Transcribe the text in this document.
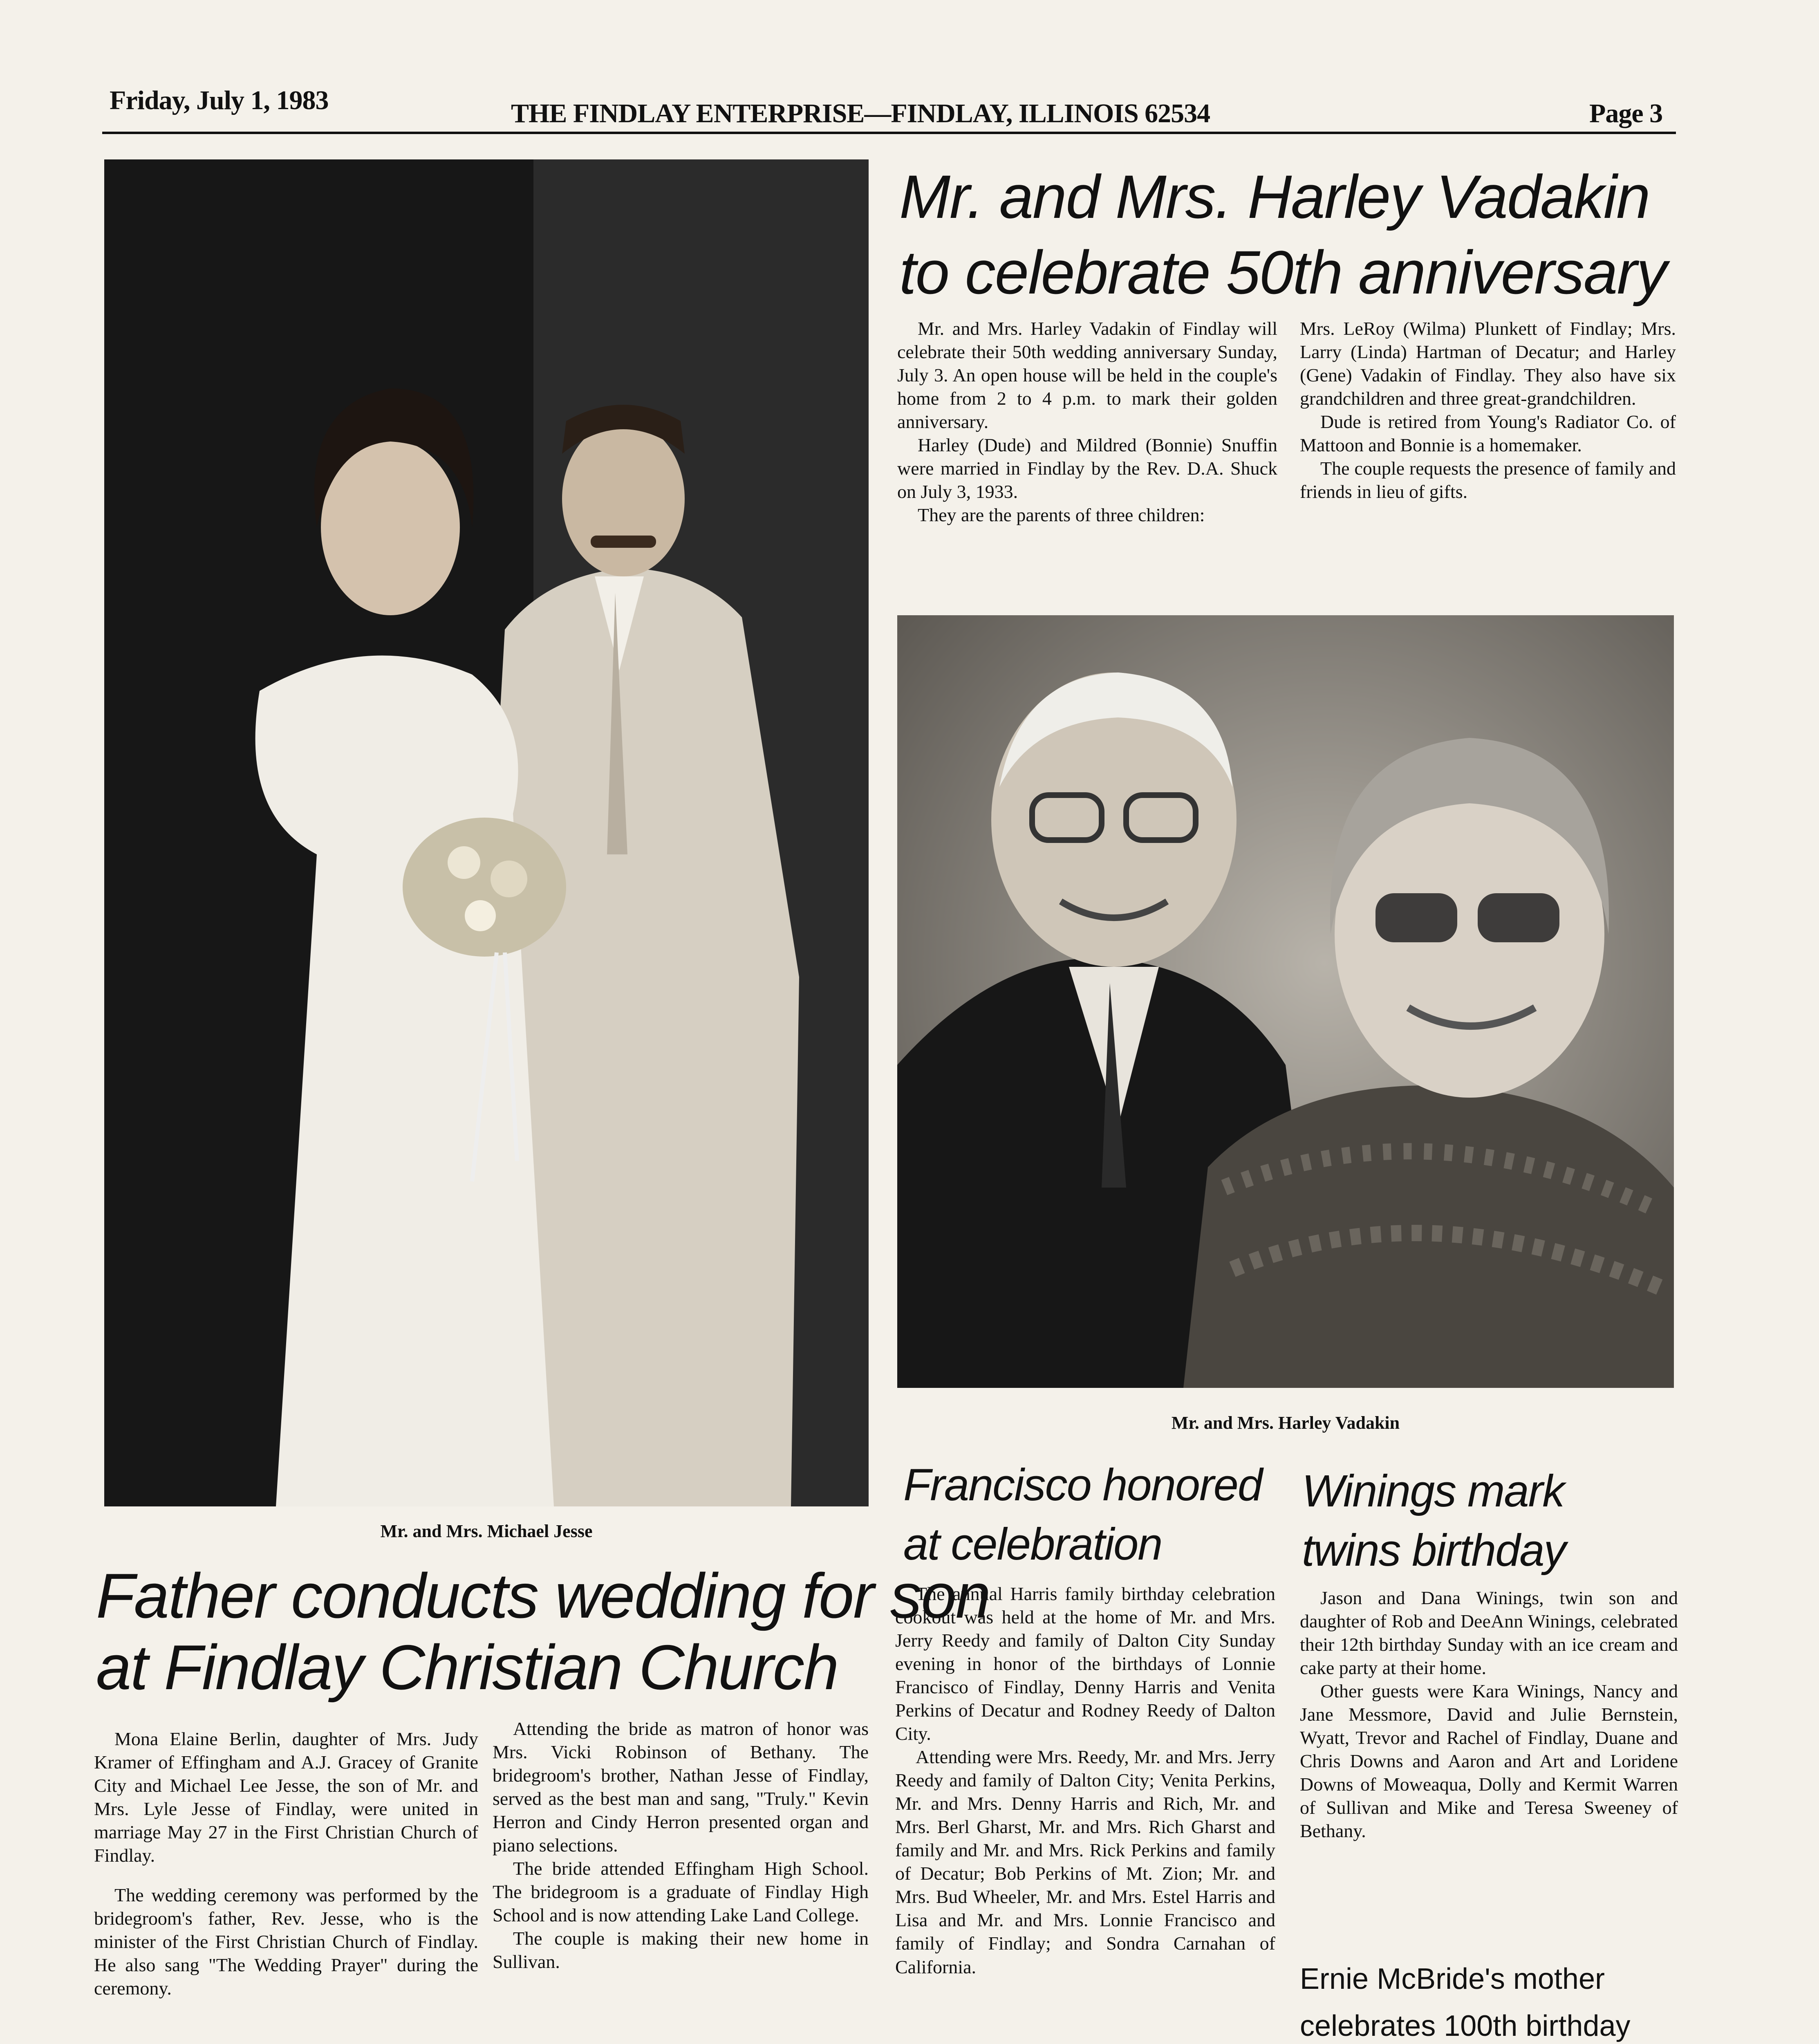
Friday, July 1, 1983	THE FINDLAY ENTERPRISE—FINDLAY, ILLINOIS 62534	Page 3
Mr. and Mrs. Michael Jesse
Father conducts wedding for son
at Findlay Christian Church

Mona Elaine Berlin, daughter of Mrs. Judy Kramer of Effingham and A.J. Gracey of Granite City and Michael Lee Jesse, the son of Mr. and Mrs. Lyle Jesse of Findlay, were united in marriage May 27 in the First Christian Church of Findlay.

The wedding ceremony was performed by the bridegroom's father, Rev. Jesse, who is the minister of the First Christian Church of Findlay. He also sang "The Wedding Prayer" during the ceremony.

Attending the bride as matron of honor was Mrs. Vicki Robinson of Bethany. The bridegroom's brother, Nathan Jesse of Findlay, served as the best man and sang, "Truly." Kevin Herron and Cindy Herron presented organ and piano selections.

The bride attended Effingham High School. The bridegroom is a graduate of Findlay High School and is now attending Lake Land College.

The couple is making their new home in Sullivan.

Mr. and Mrs. Harley Vadakin
to celebrate 50th anniversary

Mr. and Mrs. Harley Vadakin of Findlay will celebrate their 50th wedding anniversary Sunday, July 3. An open house will be held in the couple's home from 2 to 4 p.m. to mark their golden anniversary.

Harley (Dude) and Mildred (Bonnie) Snuffin were married in Findlay by the Rev. D.A. Shuck on July 3, 1933.

They are the parents of three children:

Mrs. LeRoy (Wilma) Plunkett of Findlay; Mrs. Larry (Linda) Hartman of Decatur; and Harley (Gene) Vadakin of Findlay. They also have six grandchildren and three great-grandchildren.

Dude is retired from Young's Radiator Co. of Mattoon and Bonnie is a homemaker.

The couple requests the presence of family and friends in lieu of gifts.

Mr. and Mrs. Harley Vadakin
Francisco honored
at celebration

The annual Harris family birthday celebration cookout was held at the home of Mr. and Mrs. Jerry Reedy and family of Dalton City Sunday evening in honor of the birthdays of Lonnie Francisco of Findlay, Denny Harris and Venita Perkins of Decatur and Rodney Reedy of Dalton City.

Attending were Mrs. Reedy, Mr. and Mrs. Jerry Reedy and family of Dalton City; Venita Perkins, Mr. and Mrs. Denny Harris and Rich, Mr. and Mrs. Berl Gharst, Mr. and Mrs. Rich Gharst and family and Mr. and Mrs. Rick Perkins and family of Decatur; Bob Perkins of Mt. Zion; Mr. and Mrs. Bud Wheeler, Mr. and Mrs. Estel Harris and Lisa and Mr. and Mrs. Lonnie Francisco and family of Findlay; and Sondra Carnahan of California.

Winings mark
twins birthday

Jason and Dana Winings, twin son and daughter of Rob and DeeAnn Winings, celebrated their 12th birthday Sunday with an ice cream and cake party at their home.

Other guests were Kara Winings, Nancy and Jane Messmore, David and Julie Bernstein, Wyatt, Trevor and Rachel of Findlay, Duane and Chris Downs and Aaron and Art and Loridene Downs of Moweaqua, Dolly and Kermit Warren of Sullivan and Mike and Teresa Sweeney of Bethany.

Ernie McBride's mother
celebrates 100th birthday
